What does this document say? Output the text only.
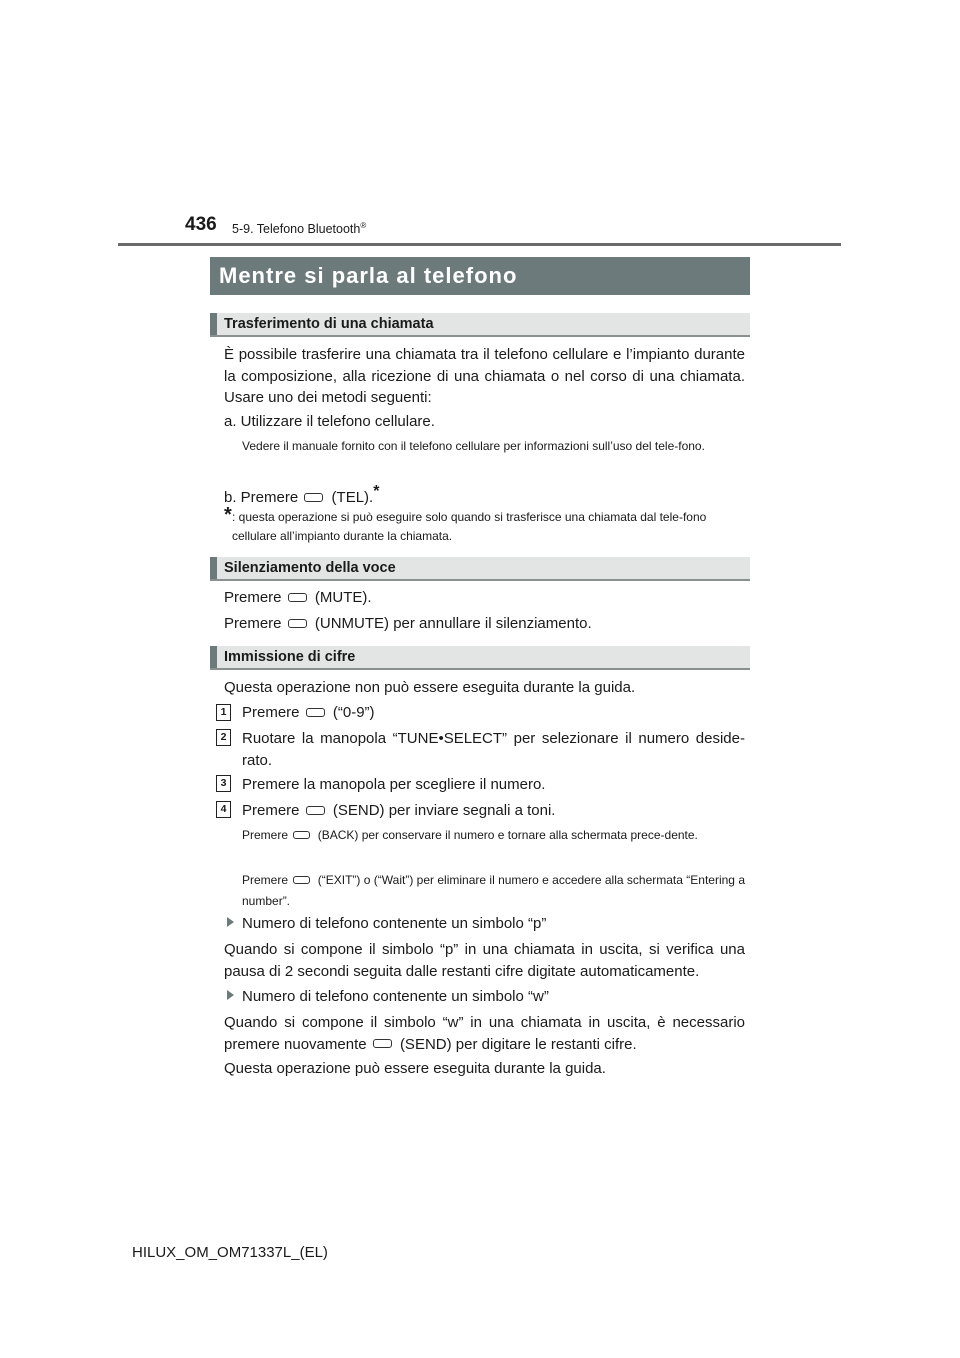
436 5-9. Telefono Bluetooth®
Mentre si parla al telefono
Trasferimento di una chiamata
È possibile trasferire una chiamata tra il telefono cellulare e l’impianto durante la composizione, alla ricezione di una chiamata o nel corso di una chiamata. Usare uno dei metodi seguenti:
a. Utilizzare il telefono cellulare.
Vedere il manuale fornito con il telefono cellulare per informazioni sull’uso del tele-fono.
b. Premere (TEL).*
* : questa operazione si può eseguire solo quando si trasferisce una chiamata dal tele-fono cellulare all’impianto durante la chiamata.
Silenziamento della voce
Premere (MUTE).
Premere (UNMUTE) per annullare il silenziamento.
Immissione di cifre
Questa operazione non può essere eseguita durante la guida.
1	Premere (“0-9”)
2	Ruotare la manopola “TUNE•SELECT” per selezionare il numero deside-rato.
3	Premere la manopola per scegliere il numero.
4	Premere (SEND) per inviare segnali a toni.
Premere (BACK) per conservare il numero e tornare alla schermata prece-dente.
Premere (“EXIT”) o (“Wait”) per eliminare il numero e accedere alla schermata “Entering a number”.
Numero di telefono contenente un simbolo “p”
Quando si compone il simbolo “p” in una chiamata in uscita, si verifica una pausa di 2 secondi seguita dalle restanti cifre digitate automaticamente.
Numero di telefono contenente un simbolo “w”
Quando si compone il simbolo “w” in una chiamata in uscita, è necessario premere nuovamente (SEND) per digitare le restanti cifre.
Questa operazione può essere eseguita durante la guida.
HILUX_OM_OM71337L_(EL)
